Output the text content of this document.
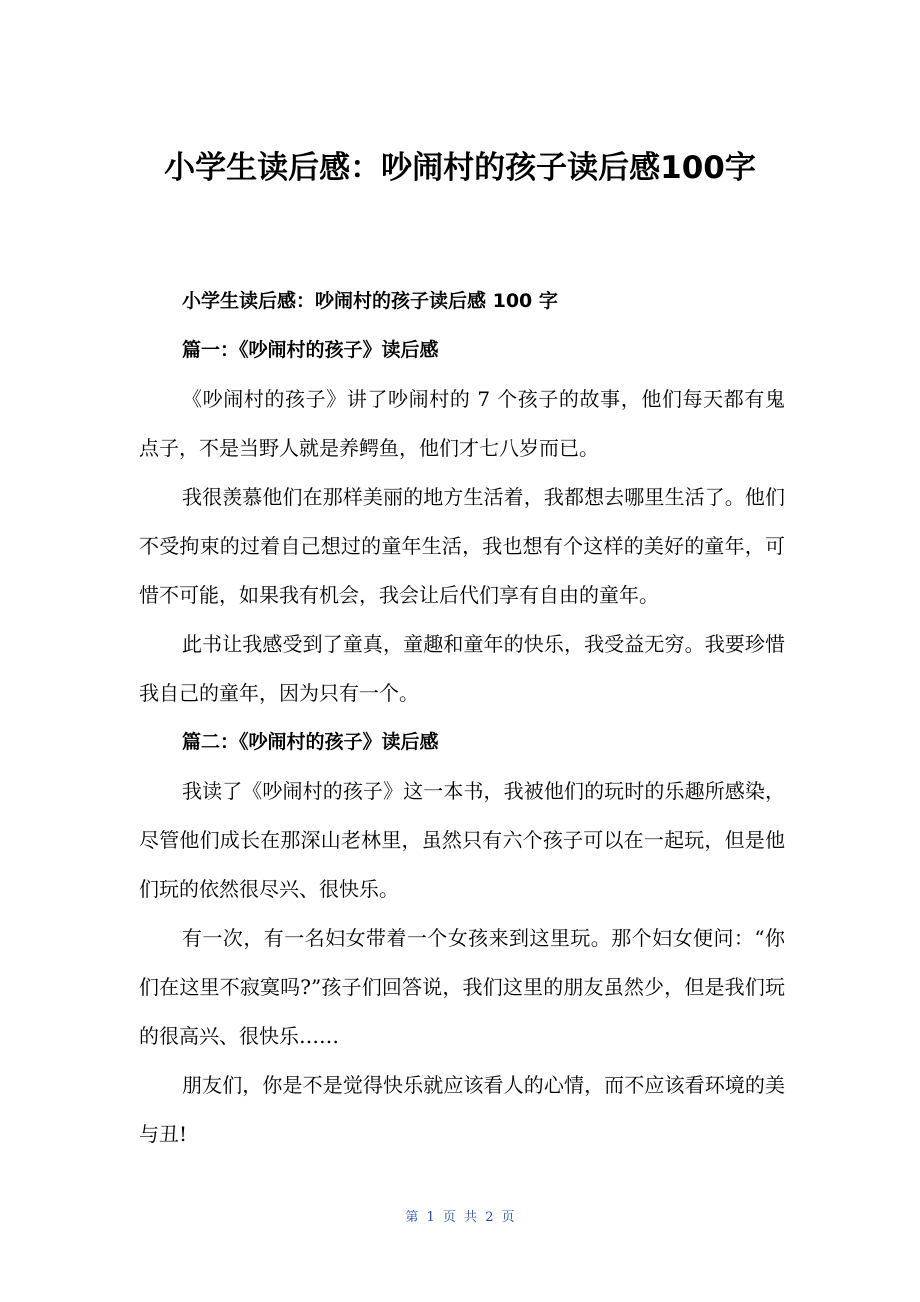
小学生读后感：吵闹村的孩子读后感100字

小学生读后感：吵闹村的孩子读后感 100 字

篇一：《吵闹村的孩子》读后感

《吵闹村的孩子》讲了吵闹村的 7 个孩子的故事，他们每天都有鬼点子，不是当野人就是养鳄鱼，他们才七八岁而已。

我很羡慕他们在那样美丽的地方生活着，我都想去哪里生活了。他们不受拘束的过着自己想过的童年生活，我也想有个这样的美好的童年，可惜不可能，如果我有机会，我会让后代们享有自由的童年。

此书让我感受到了童真，童趣和童年的快乐，我受益无穷。我要珍惜我自己的童年，因为只有一个。

篇二：《吵闹村的孩子》读后感

我读了《吵闹村的孩子》这一本书，我被他们的玩时的乐趣所感染，尽管他们成长在那深山老林里，虽然只有六个孩子可以在一起玩，但是他们玩的依然很尽兴、很快乐。

有一次，有一名妇女带着一个女孩来到这里玩。那个妇女便问：“你们在这里不寂寞吗?”孩子们回答说，我们这里的朋友虽然少，但是我们玩的很高兴、很快乐……

朋友们，你是不是觉得快乐就应该看人的心情，而不应该看环境的美与丑!

第 1 页 共 2 页
